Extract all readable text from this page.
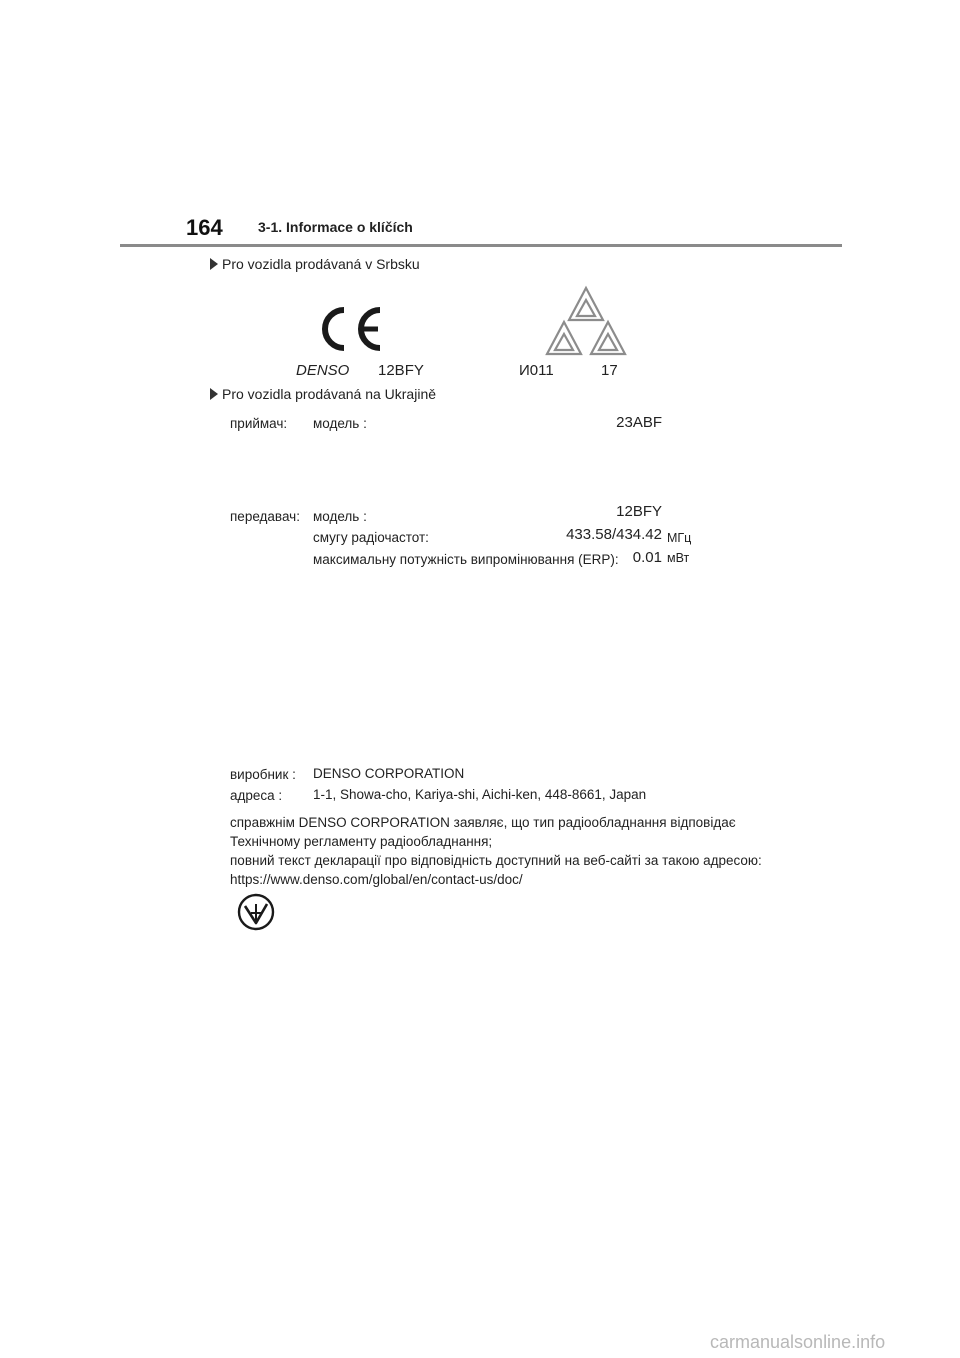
164	3-1. Informace o klíčích
Pro vozidla prodávaná v Srbsku
DENSO 12BFY	И011	17
Pro vozidla prodávaná na Ukrajině
приймач: модель :	23ABF
передавач: модель :	12BFY
смугу радіочастот:	433.58/434.42 МГц
максимальну потужність випромінювання (ERP): 0.01 мВт
виробник : DENSO CORPORATION
адреса : 1-1, Showa-cho, Kariya-shi, Aichi-ken, 448-8661, Japan
справжнім DENSO CORPORATION заявляє, що тип радіообладнання відповідає
Технічному регламенту радіообладнання;
повний текст декларації про відповідність доступний на веб-сайті за такою адресою:
https://www.denso.com/global/en/contact-us/doc/
carmanualsonline.info
